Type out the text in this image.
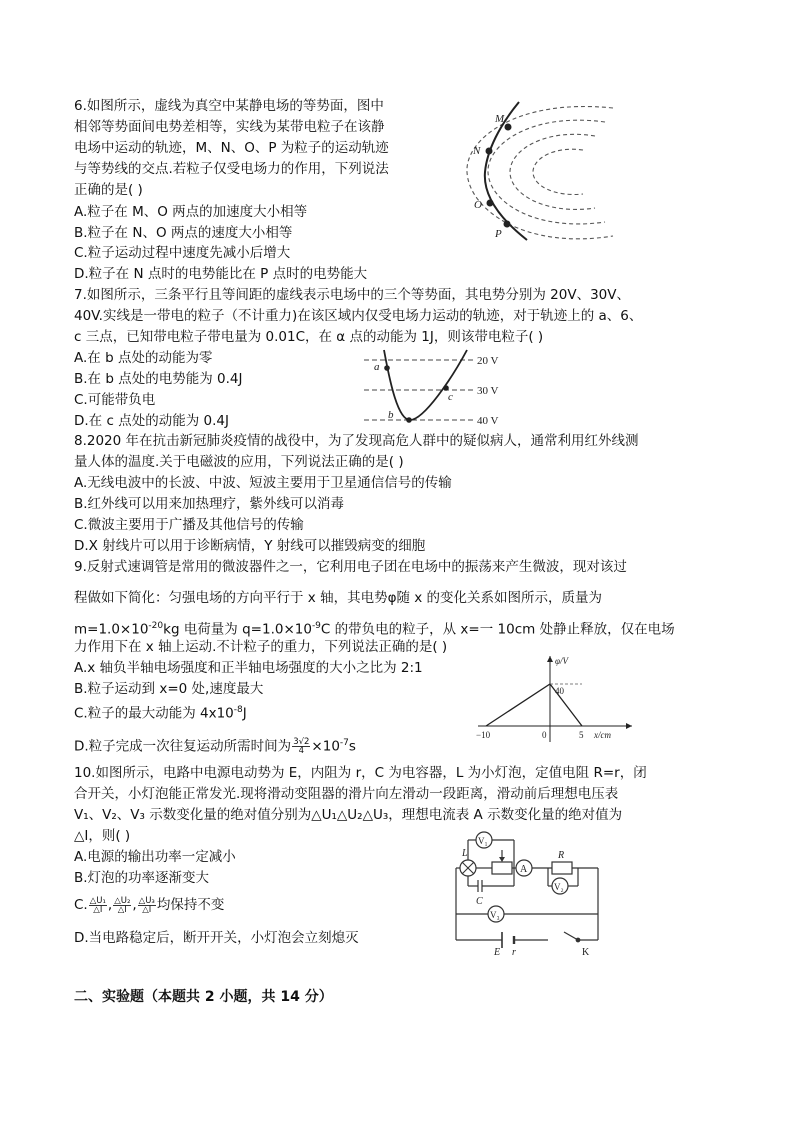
6.如图所示，虚线为真空中某静电场的等势面，图中
相邻等势面间电势差相等，实线为某带电粒子在该静
电场中运动的轨迹，M、N、O、P 为粒子的运动轨迹
与等势线的交点.若粒子仅受电场力的作用，下列说法
正确的是( )
A.粒子在 M、O 两点的加速度大小相等
B.粒子在 N、O 两点的速度大小相等
C.粒子运动过程中速度先减小后增大
D.粒子在 N 点时的电势能比在 P 点时的电势能大
M
N
O
P
7.如图所示，三条平行且等间距的虚线表示电场中的三个等势面，其电势分别为 20V、30V、
40V.实线是一带电的粒子（不计重力)在该区域内仅受电场力运动的轨迹，对于轨迹上的 a、6、
c 三点，已知带电粒子带电量为 0.01C，在 α 点的动能为 1J，则该带电粒子( )
A.在 b 点处的动能为零
B.在 b 点处的电势能为 0.4J
C.可能带负电
D.在 c 点处的动能为 0.4J
a
b
c
20 V
30 V
40 V
8.2020 年在抗击新冠肺炎疫情的战役中，为了发现高危人群中的疑似病人，通常利用红外线测
量人体的温度.关于电磁波的应用，下列说法正确的是( )
A.无线电波中的长波、中波、短波主要用于卫星通信信号的传输
B.红外线可以用来加热理疗，紫外线可以消毒
C.微波主要用于广播及其他信号的传输
D.X 射线片可以用于诊断病情，Y 射线可以摧毁病变的细胞
9.反射式速调管是常用的微波器件之一，它利用电子团在电场中的振荡来产生微波，现对该过
程做如下简化：匀强电场的方向平行于 x 轴，其电势φ随 x 的变化关系如图所示，质量为
$m=1.0\times 10^{-20}kg$ 电荷量为 $q=1.0\times 10^{-9}C$ 的带负电的粒子，从 x=一 10cm 处静止释放，仅在电场
力作用下在 x 轴上运动.不计粒子的重力，下列说法正确的是( )
A.x 轴负半轴电场强度和正半轴电场强度的大小之比为 2:1
B.粒子运动到 x=0 处,速度最大
C.粒子的最大动能为 $4x10^{-8}J$
D.粒子完成一次往复运动所需时间为 $\frac{3√2}{4} \times 10^{-7}s$
φ/V
40
−10	0	5 x/cm
10.如图所示，电路中电源电动势为 E，内阻为 r，C 为电容器，L 为小灯泡，定值电阻 R=r，闭
合开关，小灯泡能正常发光.现将滑动变阻器的滑片向左滑动一段距离，滑动前后理想电压表
V₁、V₂、V₃ 示数变化量的绝对值分别为△U₁△U₂△U₃，理想电流表 A 示数变化量的绝对值为
△I，则( )
A.电源的输出功率一定减小
B.灯泡的功率逐渐变大
C. $\frac{\text{△U₁}}{\triangle I}$ , $\frac{\text{△U₂}}{\triangle I}$ , $\frac{\text{△U₃}}{\triangle I}$ 均保持不变
D.当电路稳定后，断开开关，小灯泡会立刻熄灭
V₁
A
V₂
V₃
L	R
C
E r	K
二、实验题（本题共 2 小题，共 14 分）
